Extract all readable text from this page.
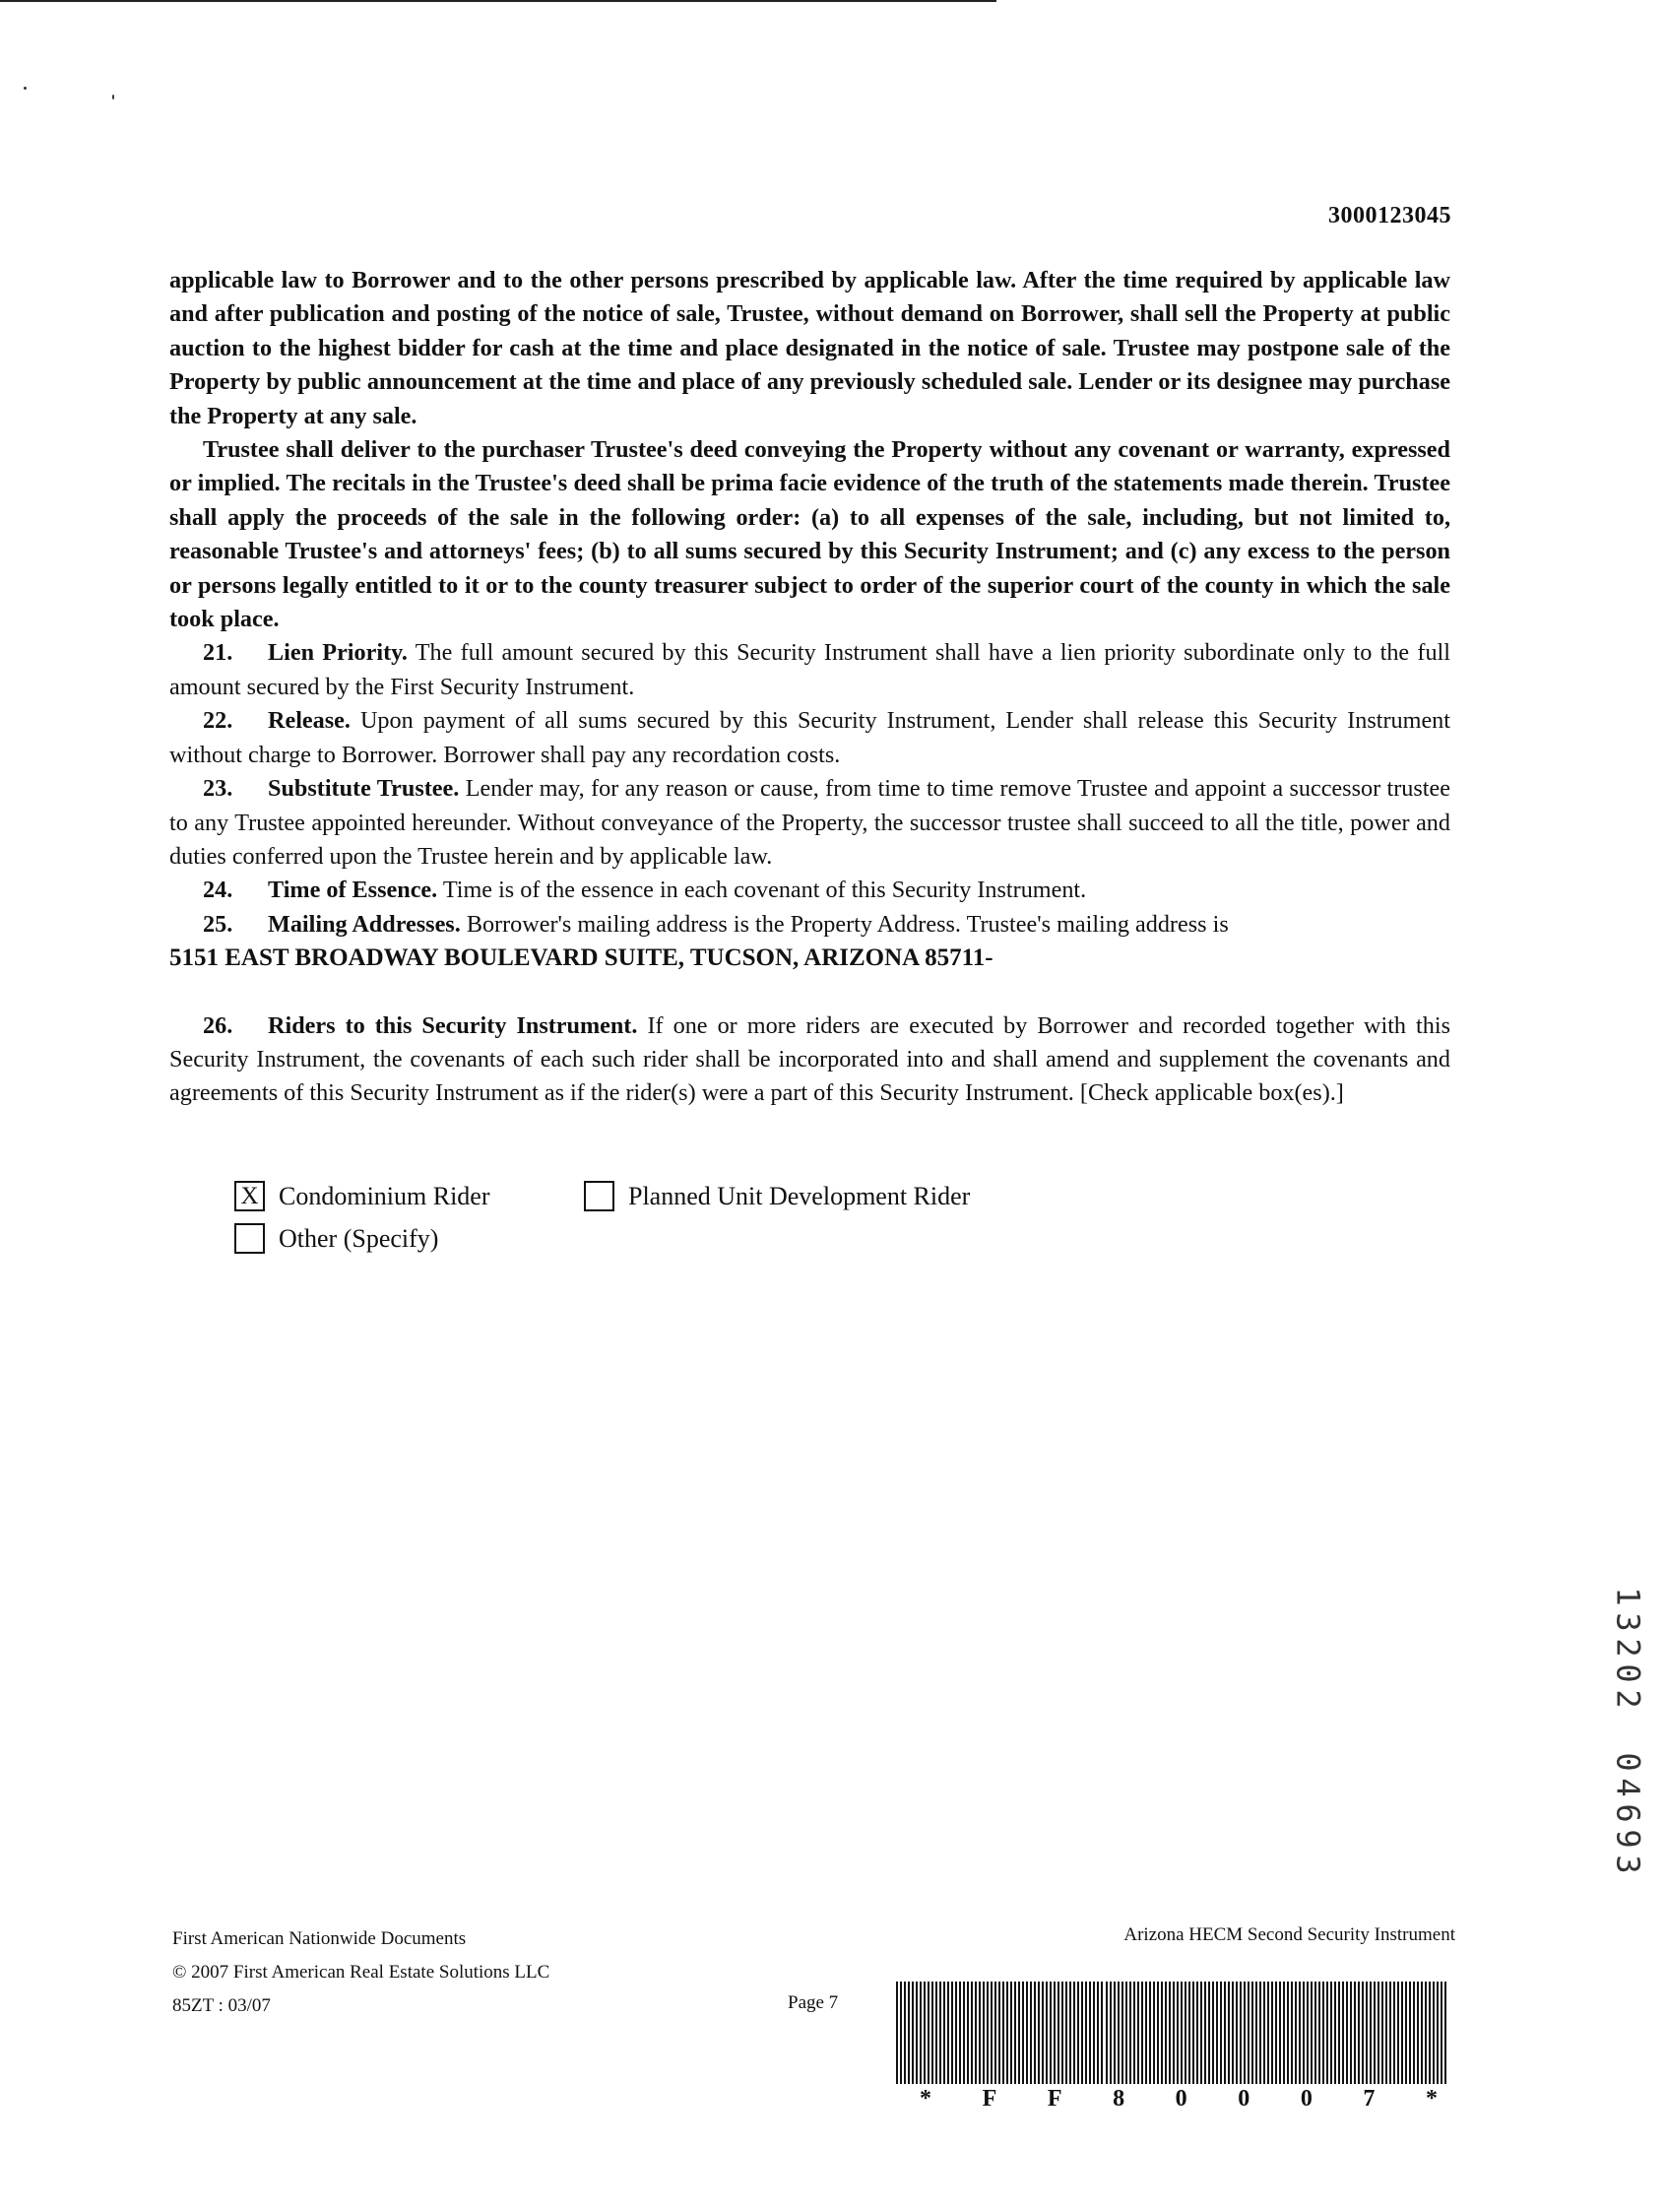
3000123045

applicable law to Borrower and to the other persons prescribed by applicable law. After the time required by applicable law and after publication and posting of the notice of sale, Trustee, without demand on Borrower, shall sell the Property at public auction to the highest bidder for cash at the time and place designated in the notice of sale. Trustee may postpone sale of the Property by public announcement at the time and place of any previously scheduled sale. Lender or its designee may purchase the Property at any sale.

Trustee shall deliver to the purchaser Trustee's deed conveying the Property without any covenant or warranty, expressed or implied. The recitals in the Trustee's deed shall be prima facie evidence of the truth of the statements made therein. Trustee shall apply the proceeds of the sale in the following order: (a) to all expenses of the sale, including, but not limited to, reasonable Trustee's and attorneys' fees; (b) to all sums secured by this Security Instrument; and (c) any excess to the person or persons legally entitled to it or to the county treasurer subject to order of the superior court of the county in which the sale took place.

21. Lien Priority. The full amount secured by this Security Instrument shall have a lien priority subordinate only to the full amount secured by the First Security Instrument.

22. Release. Upon payment of all sums secured by this Security Instrument, Lender shall release this Security Instrument without charge to Borrower. Borrower shall pay any recordation costs.

23. Substitute Trustee. Lender may, for any reason or cause, from time to time remove Trustee and appoint a successor trustee to any Trustee appointed hereunder. Without conveyance of the Property, the successor trustee shall succeed to all the title, power and duties conferred upon the Trustee herein and by applicable law.

24. Time of Essence. Time is of the essence in each covenant of this Security Instrument.

25. Mailing Addresses. Borrower's mailing address is the Property Address. Trustee's mailing address is

5151 EAST BROADWAY BOULEVARD SUITE, TUCSON, ARIZONA 85711-

26. Riders to this Security Instrument. If one or more riders are executed by Borrower and recorded together with this Security Instrument, the covenants of each such rider shall be incorporated into and shall amend and supplement the covenants and agreements of this Security Instrument as if the rider(s) were a part of this Security Instrument. [Check applicable box(es).]

X Condominium Rider	Planned Unit Development Rider
Other (Specify)
1
3
2
0
2
0
4
6
9
3
First American Nationwide Documents
© 2007 First American Real Estate Solutions LLC
85ZT : 03/07	Page 7
Arizona HECM Second Security Instrument
* F F 8 0 0 0 7 *
